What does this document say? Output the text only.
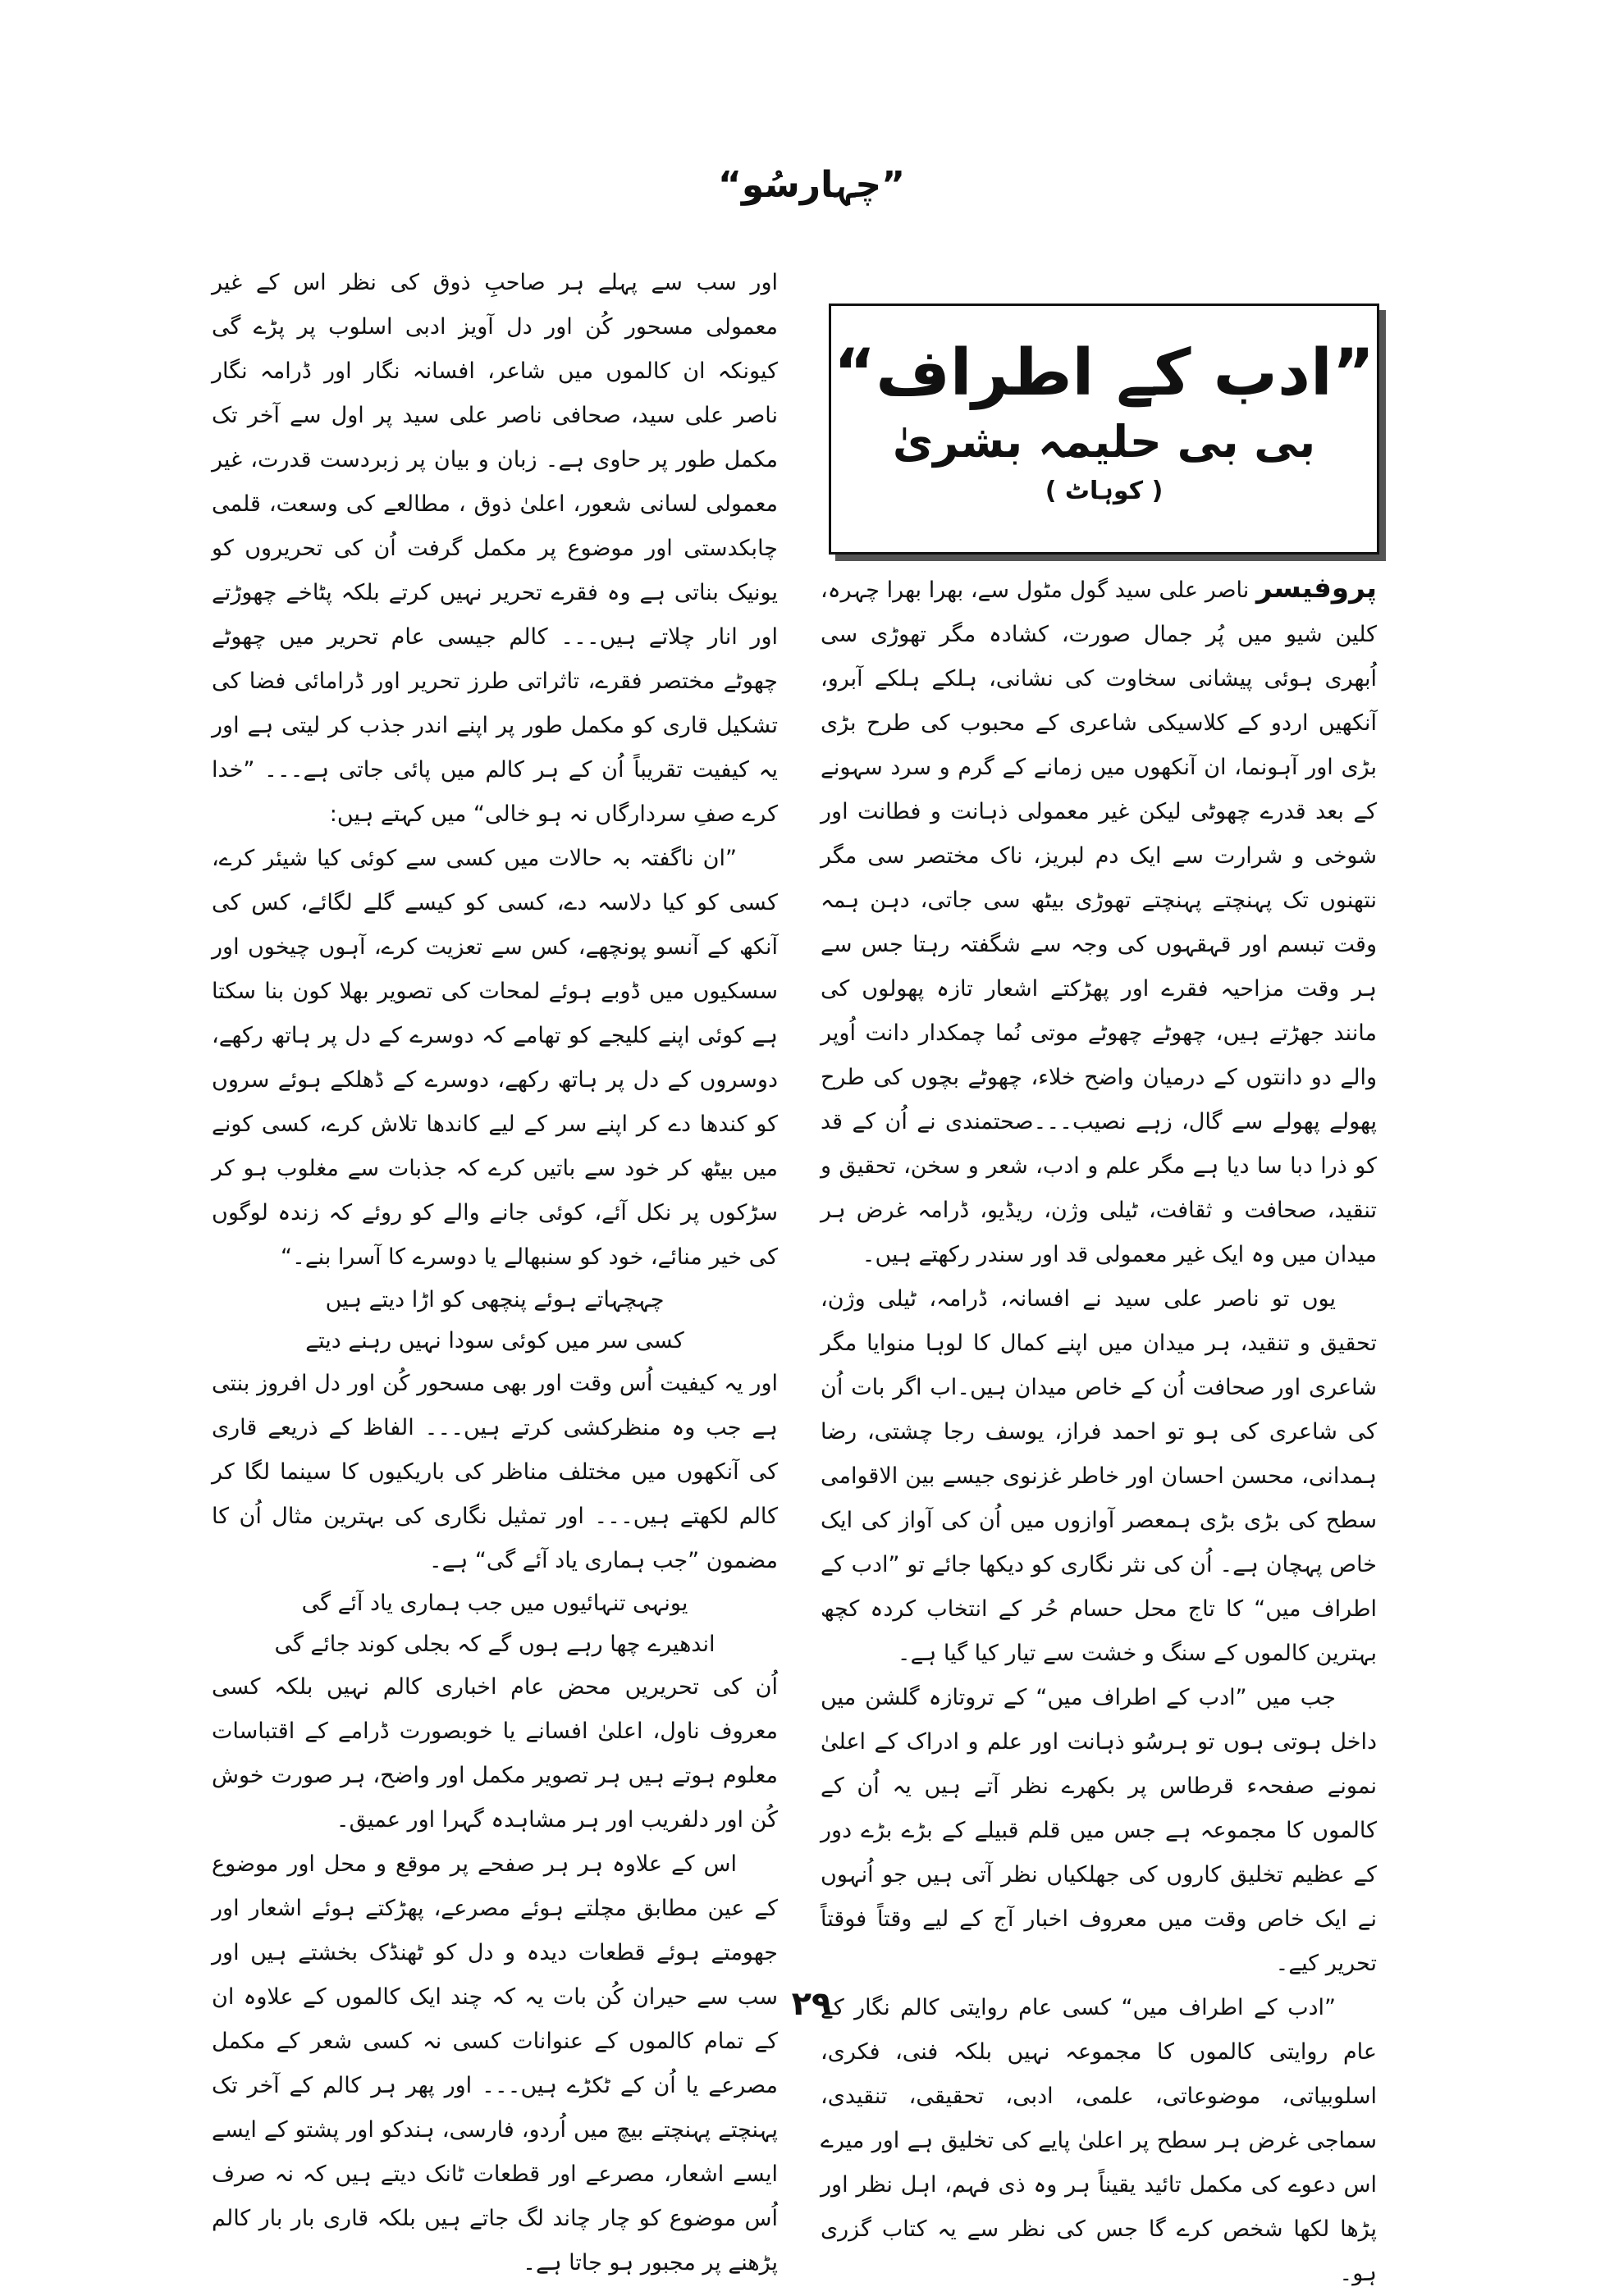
”چہارسُو“
”ادب کے اطراف“
بی بی حلیمہ بشریٰ
( کوہاٹ )

پروفیسر ناصر علی سید گول مٹول سے، بھرا بھرا چہرہ، کلین شیو میں پُر جمال صورت، کشادہ مگر تھوڑی سی اُبھری ہوئی پیشانی سخاوت کی نشانی، ہلکے ہلکے آبرو، آنکھیں اردو کے کلاسیکی شاعری کے محبوب کی طرح بڑی بڑی اور آہونما، ان آنکھوں میں زمانے کے گرم و سرد سہونے کے بعد قدرے چھوٹی لیکن غیر معمولی ذہانت و فطانت اور شوخی و شرارت سے ایک دم لبریز، ناک مختصر سی مگر نتھنوں تک پہنچتے پہنچتے تھوڑی بیٹھ سی جاتی، دہن ہمہ وقت تبسم اور قہقہوں کی وجہ سے شگفتہ رہتا جس سے ہر وقت مزاحیہ فقرے اور پھڑکتے اشعار تازہ پھولوں کی مانند جھڑتے ہیں، چھوٹے چھوٹے موتی نُما چمکدار دانت اُوپر والے دو دانتوں کے درمیان واضح خلاء، چھوٹے بچوں کی طرح پھولے پھولے سے گال، زہے نصیب۔۔۔صحتمندی نے اُن کے قد کو ذرا دبا سا دیا ہے مگر علم و ادب، شعر و سخن، تحقیق و تنقید، صحافت و ثقافت، ٹیلی وژن، ریڈیو، ڈرامہ غرض ہر میدان میں وہ ایک غیر معمولی قد اور سندر رکھتے ہیں۔

یوں تو ناصر علی سید نے افسانہ، ڈرامہ، ٹیلی وژن، تحقیق و تنقید، ہر میدان میں اپنے کمال کا لوہا منوایا مگر شاعری اور صحافت اُن کے خاص میدان ہیں۔اب اگر بات اُن کی شاعری کی ہو تو احمد فراز، یوسف رجا چشتی، رضا ہمدانی، محسن احسان اور خاطر غزنوی جیسے بین الاقوامی سطح کی بڑی بڑی ہمعصر آوازوں میں اُن کی آواز کی ایک خاص پہچان ہے۔ اُن کی نثر نگاری کو دیکھا جائے تو ”ادب کے اطراف میں“ کا تاج محل حسام حُر کے انتخاب کردہ کچھ بہترین کالموں کے سنگ و خشت سے تیار کیا گیا ہے۔

جب میں ”ادب کے اطراف میں“ کے تروتازہ گلشن میں داخل ہوتی ہوں تو ہرسُو ذہانت اور علم و ادراک کے اعلیٰ نمونے صفحہء قرطاس پر بکھرے نظر آتے ہیں یہ اُن کے کالموں کا مجموعہ ہے جس میں قلم قبیلے کے بڑے بڑے دور کے عظیم تخلیق کاروں کی جھلکیاں نظر آتی ہیں جو اُنہوں نے ایک خاص وقت میں معروف اخبار آج کے لیے وقتاً فوقتاً تحریر کیے۔

”ادب کے اطراف میں“ کسی عام روایتی کالم نگار کے عام روایتی کالموں کا مجموعہ نہیں بلکہ فنی، فکری، اسلوبیاتی، موضوعاتی، علمی، ادبی، تحقیقی، تنقیدی، سماجی غرض ہر سطح پر اعلیٰ پایے کی تخلیق ہے اور میرے اس دعوے کی مکمل تائید یقیناً ہر وہ ذی فہم، اہل نظر اور پڑھا لکھا شخص کرے گا جس کی نظر سے یہ کتاب گزری ہو۔

اور سب سے پہلے ہر صاحبِ ذوق کی نظر اس کے غیر معمولی مسحور کُن اور دل آویز ادبی اسلوب پر پڑے گی کیونکہ ان کالموں میں شاعر، افسانہ نگار اور ڈرامہ نگار ناصر علی سید، صحافی ناصر علی سید پر اول سے آخر تک مکمل طور پر حاوی ہے۔ زبان و بیان پر زبردست قدرت، غیر معمولی لسانی شعور، اعلیٰ ذوق ، مطالعے کی وسعت، قلمی چابکدستی اور موضوع پر مکمل گرفت اُن کی تحریروں کو یونیک بناتی ہے وہ فقرے تحریر نہیں کرتے بلکہ پٹاخے چھوڑتے اور انار چلاتے ہیں۔۔۔ کالم جیسی عام تحریر میں چھوٹے چھوٹے مختصر فقرے، تاثراتی طرز تحریر اور ڈرامائی فضا کی تشکیل قاری کو مکمل طور پر اپنے اندر جذب کر لیتی ہے اور یہ کیفیت تقریباً اُن کے ہر کالم میں پائی جاتی ہے۔۔۔ ”خدا کرے صفِ سردارگاں نہ ہو خالی“ میں کہتے ہیں:

”ان ناگفتہ بہ حالات میں کسی سے کوئی کیا شیئر کرے، کسی کو کیا دلاسہ دے، کسی کو کیسے گلے لگائے، کس کی آنکھ کے آنسو پونچھے، کس سے تعزیت کرے، آہوں چیخوں اور سسکیوں میں ڈوبے ہوئے لمحات کی تصویر بھلا کون بنا سکتا ہے کوئی اپنے کلیجے کو تھامے کہ دوسرے کے دل پر ہاتھ رکھے، دوسروں کے دل پر ہاتھ رکھے، دوسرے کے ڈھلکے ہوئے سروں کو کندھا دے کر اپنے سر کے لیے کاندھا تلاش کرے، کسی کونے میں بیٹھ کر خود سے باتیں کرے کہ جذبات سے مغلوب ہو کر سڑکوں پر نکل آئے، کوئی جانے والے کو روئے کہ زندہ لوگوں کی خیر منائے، خود کو سنبھالے یا دوسرے کا آسرا بنے۔“

چہچہاتے ہوئے پنچھی کو اڑا دیتے ہیں
کسی سر میں کوئی سودا نہیں رہنے دیتے

اور یہ کیفیت اُس وقت اور بھی مسحور کُن اور دل افروز بنتی ہے جب وہ منظرکشی کرتے ہیں۔۔۔ الفاظ کے ذریعے قاری کی آنکھوں میں مختلف مناظر کی باریکیوں کا سینما لگا کر کالم لکھتے ہیں۔۔۔ اور تمثیل نگاری کی بہترین مثال اُن کا مضمون ”جب ہماری یاد آئے گی“ ہے۔

یونہی تنہائیوں میں جب ہماری یاد آئے گی
اندھیرے چھا رہے ہوں گے کہ بجلی کوند جائے گی

اُن کی تحریریں محض عام اخباری کالم نہیں بلکہ کسی معروف ناول، اعلیٰ افسانے یا خوبصورت ڈرامے کے اقتباسات معلوم ہوتے ہیں ہر تصویر مکمل اور واضح، ہر صورت خوش کُن اور دلفریب اور ہر مشاہدہ گہرا اور عمیق۔

اس کے علاوہ ہر ہر صفحے پر موقع و محل اور موضوع کے عین مطابق مچلتے ہوئے مصرعے، پھڑکتے ہوئے اشعار اور جھومتے ہوئے قطعات دیدہ و دل کو ٹھنڈک بخشتے ہیں اور سب سے حیران کُن بات یہ کہ چند ایک کالموں کے علاوہ ان کے تمام کالموں کے عنوانات کسی نہ کسی شعر کے مکمل مصرعے یا اُن کے ٹکڑے ہیں۔۔۔ اور پھر ہر کالم کے آخر تک پہنچتے پہنچتے بیچ میں اُردو، فارسی، ہندکو اور پشتو کے ایسے ایسے اشعار، مصرعے اور قطعات ٹانک دیتے ہیں کہ نہ صرف اُس موضوع کو چار چاند لگ جاتے ہیں بلکہ قاری بار بار کالم پڑھنے پر مجبور ہو جاتا ہے۔

۲۹
